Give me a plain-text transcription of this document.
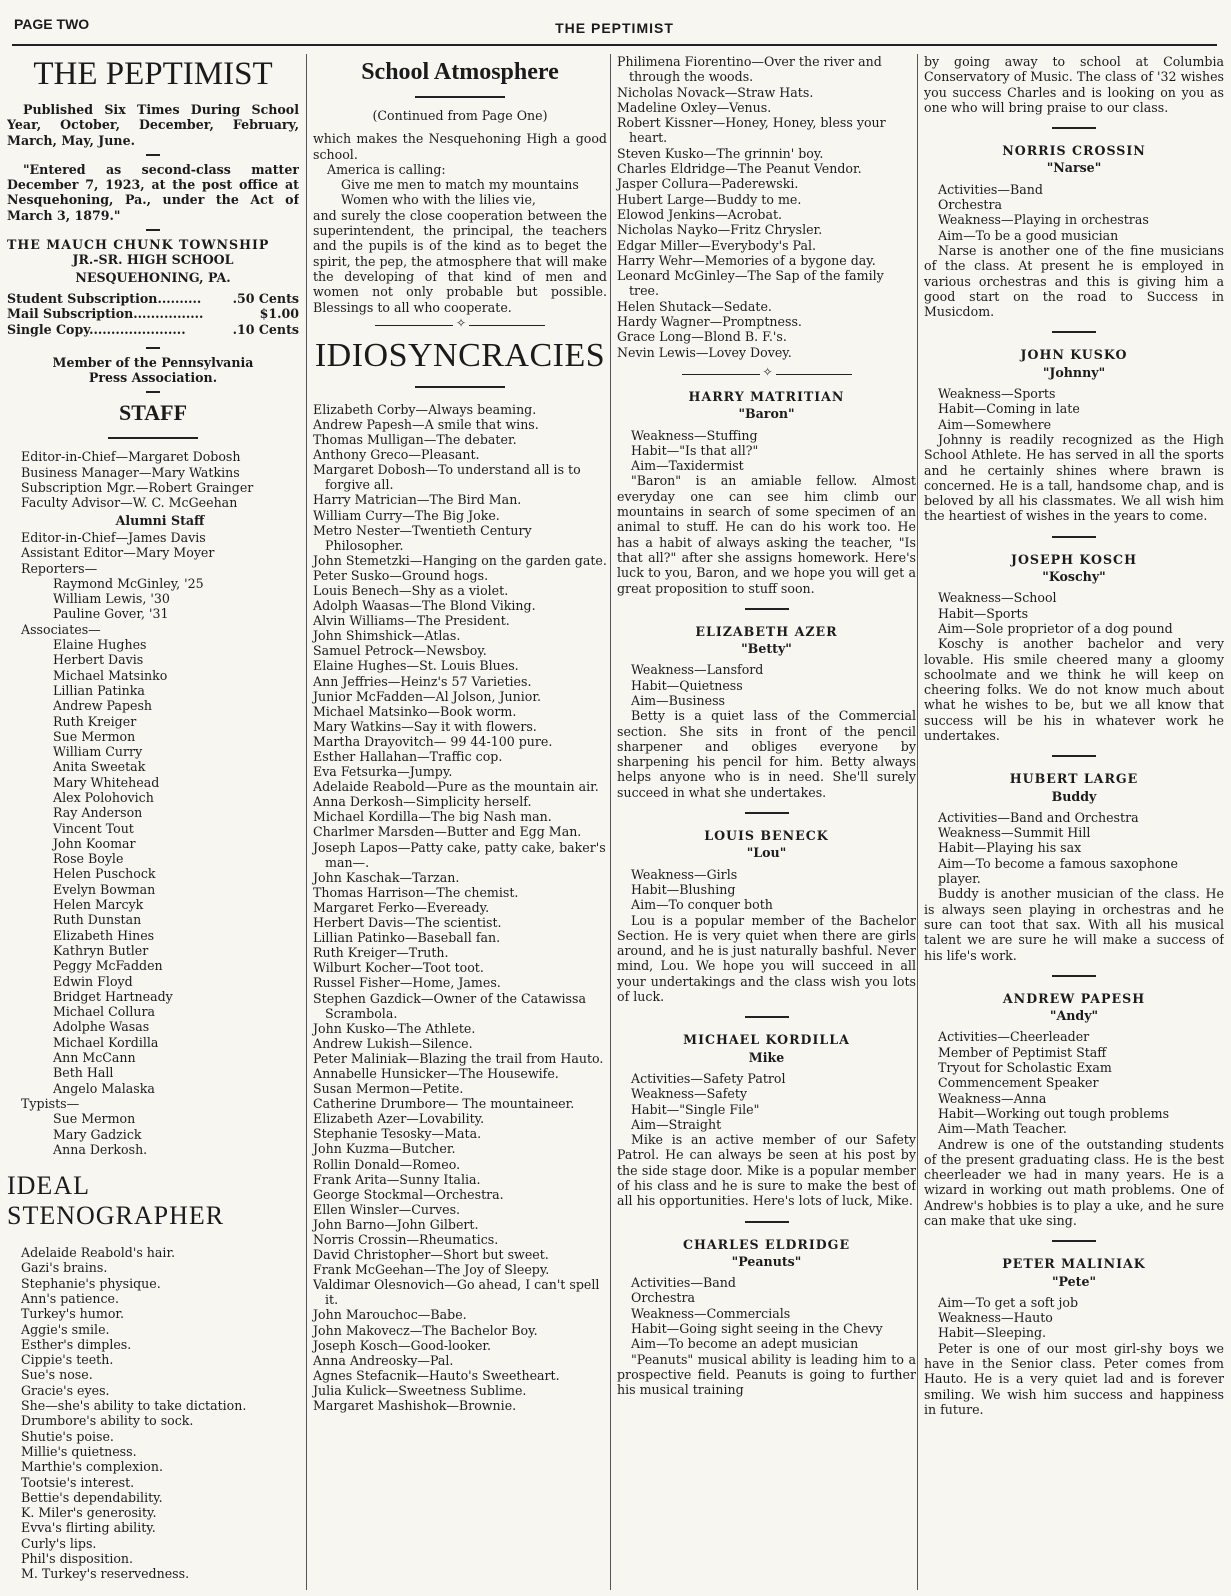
PAGE TWO	THE PEPTIMIST
THE PEPTIMIST

Published Six Times During School Year, October, December, February, March, May, June.

"Entered as second-class matter December 7, 1923, at the post office at Nesquehoning, Pa., under the Act of March 3, 1879."

THE MAUCH CHUNK TOWNSHIP

JR.-SR. HIGH SCHOOL

NESQUEHONING, PA.

Student Subscription.......... .50 Cents
Mail Subscription................	$1.00
Single Copy......................	.10 Cents

Member of the Pennsylvania Press Association.

STAFF

Editor-in-Chief—Margaret Dobosh

Business Manager—Mary Watkins

Subscription Mgr.—Robert Grainger

Faculty Advisor—W. C. McGeehan

Alumni Staff

Editor-in-Chief—James Davis

Assistant Editor—Mary Moyer

Reporters—

Raymond McGinley, '25

William Lewis, '30

Pauline Gover, '31

Associates—

Elaine Hughes

Herbert Davis

Michael Matsinko

Lillian Patinka

Andrew Papesh

Ruth Kreiger

Sue Mermon

William Curry

Anita Sweetak

Mary Whitehead

Alex Polohovich

Ray Anderson

Vincent Tout

John Koomar

Rose Boyle

Helen Puschock

Evelyn Bowman

Helen Marcyk

Ruth Dunstan

Elizabeth Hines

Kathryn Butler

Peggy McFadden

Edwin Floyd

Bridget Hartneady

Michael Collura

Adolphe Wasas

Michael Kordilla

Ann McCann

Beth Hall

Angelo Malaska

Typists—

Sue Mermon

Mary Gadzick

Anna Derkosh.

IDEAL STENOGRAPHER

Adelaide Reabold's hair.

Gazi's brains.

Stephanie's physique.

Ann's patience.

Turkey's humor.

Aggie's smile.

Esther's dimples.

Cippie's teeth.

Sue's nose.

Gracie's eyes.

She—she's ability to take dictation.

Drumbore's ability to sock.

Shutie's poise.

Millie's quietness.

Marthie's complexion.

Tootsie's interest.

Bettie's dependability.

K. Miler's generosity.

Evva's flirting ability.

Curly's lips.

Phil's disposition.

M. Turkey's reservedness.

School Atmosphere

(Continued from Page One)

which makes the Nesquehoning High a good school.

America is calling:

Give me men to match my mountains

Women who with the lilies vie,

and surely the close cooperation between the superintendent, the principal, the teachers and the pupils is of the kind as to beget the spirit, the pep, the atmosphere that will make the developing of that kind of men and women not only probable but possible. Blessings to all who cooperate.

✧
IDIOSYNCRACIES

Elizabeth Corby—Always beaming.

Andrew Papesh—A smile that wins.

Thomas Mulligan—The debater.

Anthony Greco—Pleasant.

Margaret Dobosh—To understand all is to forgive all.

Harry Matrician—The Bird Man.

William Curry—The Big Joke.

Metro Nester—Twentieth Century Philosopher.

John Stemetzki—Hanging on the garden gate.

Peter Susko—Ground hogs.

Louis Benech—Shy as a violet.

Adolph Waasas—The Blond Viking.

Alvin Williams—The President.

John Shimshick—Atlas.

Samuel Petrock—Newsboy.

Elaine Hughes—St. Louis Blues.

Ann Jeffries—Heinz's 57 Varieties.

Junior McFadden—Al Jolson, Junior.

Michael Matsinko—Book worm.

Mary Watkins—Say it with flowers.

Martha Drayovitch— 99 44-100 pure.

Esther Hallahan—Traffic cop.

Eva Fetsurka—Jumpy.

Adelaide Reabold—Pure as the mountain air.

Anna Derkosh—Simplicity herself.

Michael Kordilla—The big Nash man.

Charlmer Marsden—Butter and Egg Man.

Joseph Lapos—Patty cake, patty cake, baker's man—.

John Kaschak—Tarzan.

Thomas Harrison—The chemist.

Margaret Ferko—Eveready.

Herbert Davis—The scientist.

Lillian Patinko—Baseball fan.

Ruth Kreiger—Truth.

Wilburt Kocher—Toot toot.

Russel Fisher—Home, James.

Stephen Gazdick—Owner of the Catawissa Scrambola.

John Kusko—The Athlete.

Andrew Lukish—Silence.

Peter Maliniak—Blazing the trail from Hauto.

Annabelle Hunsicker—The Housewife.

Susan Mermon—Petite.

Catherine Drumbore— The mountaineer.

Elizabeth Azer—Lovability.

Stephanie Tesosky—Mata.

John Kuzma—Butcher.

Rollin Donald—Romeo.

Frank Arita—Sunny Italia.

George Stockmal—Orchestra.

Ellen Winsler—Curves.

John Barno—John Gilbert.

Norris Crossin—Rheumatics.

David Christopher—Short but sweet.

Frank McGeehan—The Joy of Sleepy.

Valdimar Olesnovich—Go ahead, I can't spell it.

John Marouchoc—Babe.

John Makovecz—The Bachelor Boy.

Joseph Kosch—Good-looker.

Anna Andreosky—Pal.

Agnes Stefacnik—Hauto's Sweetheart.

Julia Kulick—Sweetness Sublime.

Margaret Mashishok—Brownie.

Philimena Fiorentino—Over the river and through the woods.

Nicholas Novack—Straw Hats.

Madeline Oxley—Venus.

Robert Kissner—Honey, Honey, bless your heart.

Steven Kusko—The grinnin' boy.

Charles Eldridge—The Peanut Vendor.

Jasper Collura—Paderewski.

Hubert Large—Buddy to me.

Elowod Jenkins—Acrobat.

Nicholas Nayko—Fritz Chrysler.

Edgar Miller—Everybody's Pal.

Harry Wehr—Memories of a bygone day.

Leonard McGinley—The Sap of the family tree.

Helen Shutack—Sedate.

Hardy Wagner—Promptness.

Grace Long—Blond B. F.'s.

Nevin Lewis—Lovey Dovey.

✧
HARRY MATRITIAN
"Baron"

Weakness—Stuffing

Habit—"Is that all?"

Aim—Taxidermist

"Baron" is an amiable fellow. Almost everyday one can see him climb our mountains in search of some specimen of an animal to stuff. He can do his work too. He has a habit of always asking the teacher, "Is that all?" after she assigns homework. Here's luck to you, Baron, and we hope you will get a great proposition to stuff soon.

ELIZABETH AZER
"Betty"

Weakness—Lansford

Habit—Quietness

Aim—Business

Betty is a quiet lass of the Commercial section. She sits in front of the pencil sharpener and obliges everyone by sharpening his pencil for him. Betty always helps anyone who is in need. She'll surely succeed in what she undertakes.

LOUIS BENECK
"Lou"

Weakness—Girls

Habit—Blushing

Aim—To conquer both

Lou is a popular member of the Bachelor Section. He is very quiet when there are girls around, and he is just naturally bashful. Never mind, Lou. We hope you will succeed in all your undertakings and the class wish you lots of luck.

MICHAEL KORDILLA
Mike

Activities—Safety Patrol

Weakness—Safety

Habit—"Single File"

Aim—Straight

Mike is an active member of our Safety Patrol. He can always be seen at his post by the side stage door. Mike is a popular member of his class and he is sure to make the best of all his opportunities. Here's lots of luck, Mike.

CHARLES ELDRIDGE
"Peanuts"

Activities—Band

Orchestra

Weakness—Commercials

Habit—Going sight seeing in the Chevy

Aim—To become an adept musician

"Peanuts" musical ability is leading him to a prospective field. Peanuts is going to further his musical training

by going away to school at Columbia Conservatory of Music. The class of '32 wishes you success Charles and is looking on you as one who will bring praise to our class.

NORRIS CROSSIN
"Narse"

Activities—Band

Orchestra

Weakness—Playing in orchestras

Aim—To be a good musician

Narse is another one of the fine musicians of the class. At present he is employed in various orchestras and this is giving him a good start on the road to Success in Musicdom.

JOHN KUSKO
"Johnny"

Weakness—Sports

Habit—Coming in late

Aim—Somewhere

Johnny is readily recognized as the High School Athlete. He has served in all the sports and he certainly shines where brawn is concerned. He is a tall, handsome chap, and is beloved by all his classmates. We all wish him the heartiest of wishes in the years to come.

JOSEPH KOSCH
"Koschy"

Weakness—School

Habit—Sports

Aim—Sole proprietor of a dog pound

Koschy is another bachelor and very lovable. His smile cheered many a gloomy schoolmate and we think he will keep on cheering folks. We do not know much about what he wishes to be, but we all know that success will be his in whatever work he undertakes.

HUBERT LARGE
Buddy

Activities—Band and Orchestra

Weakness—Summit Hill

Habit—Playing his sax

Aim—To become a famous saxophone player.

Buddy is another musician of the class. He is always seen playing in orchestras and he sure can toot that sax. With all his musical talent we are sure he will make a success of his life's work.

ANDREW PAPESH
"Andy"

Activities—Cheerleader

Member of Peptimist Staff

Tryout for Scholastic Exam

Commencement Speaker

Weakness—Anna

Habit—Working out tough problems

Aim—Math Teacher.

Andrew is one of the outstanding students of the present graduating class. He is the best cheerleader we had in many years. He is a wizard in working out math problems. One of Andrew's hobbies is to play a uke, and he sure can make that uke sing.

PETER MALINIAK
"Pete"

Aim—To get a soft job

Weakness—Hauto

Habit—Sleeping.

Peter is one of our most girl-shy boys we have in the Senior class. Peter comes from Hauto. He is a very quiet lad and is forever smiling. We wish him success and happiness in future.
